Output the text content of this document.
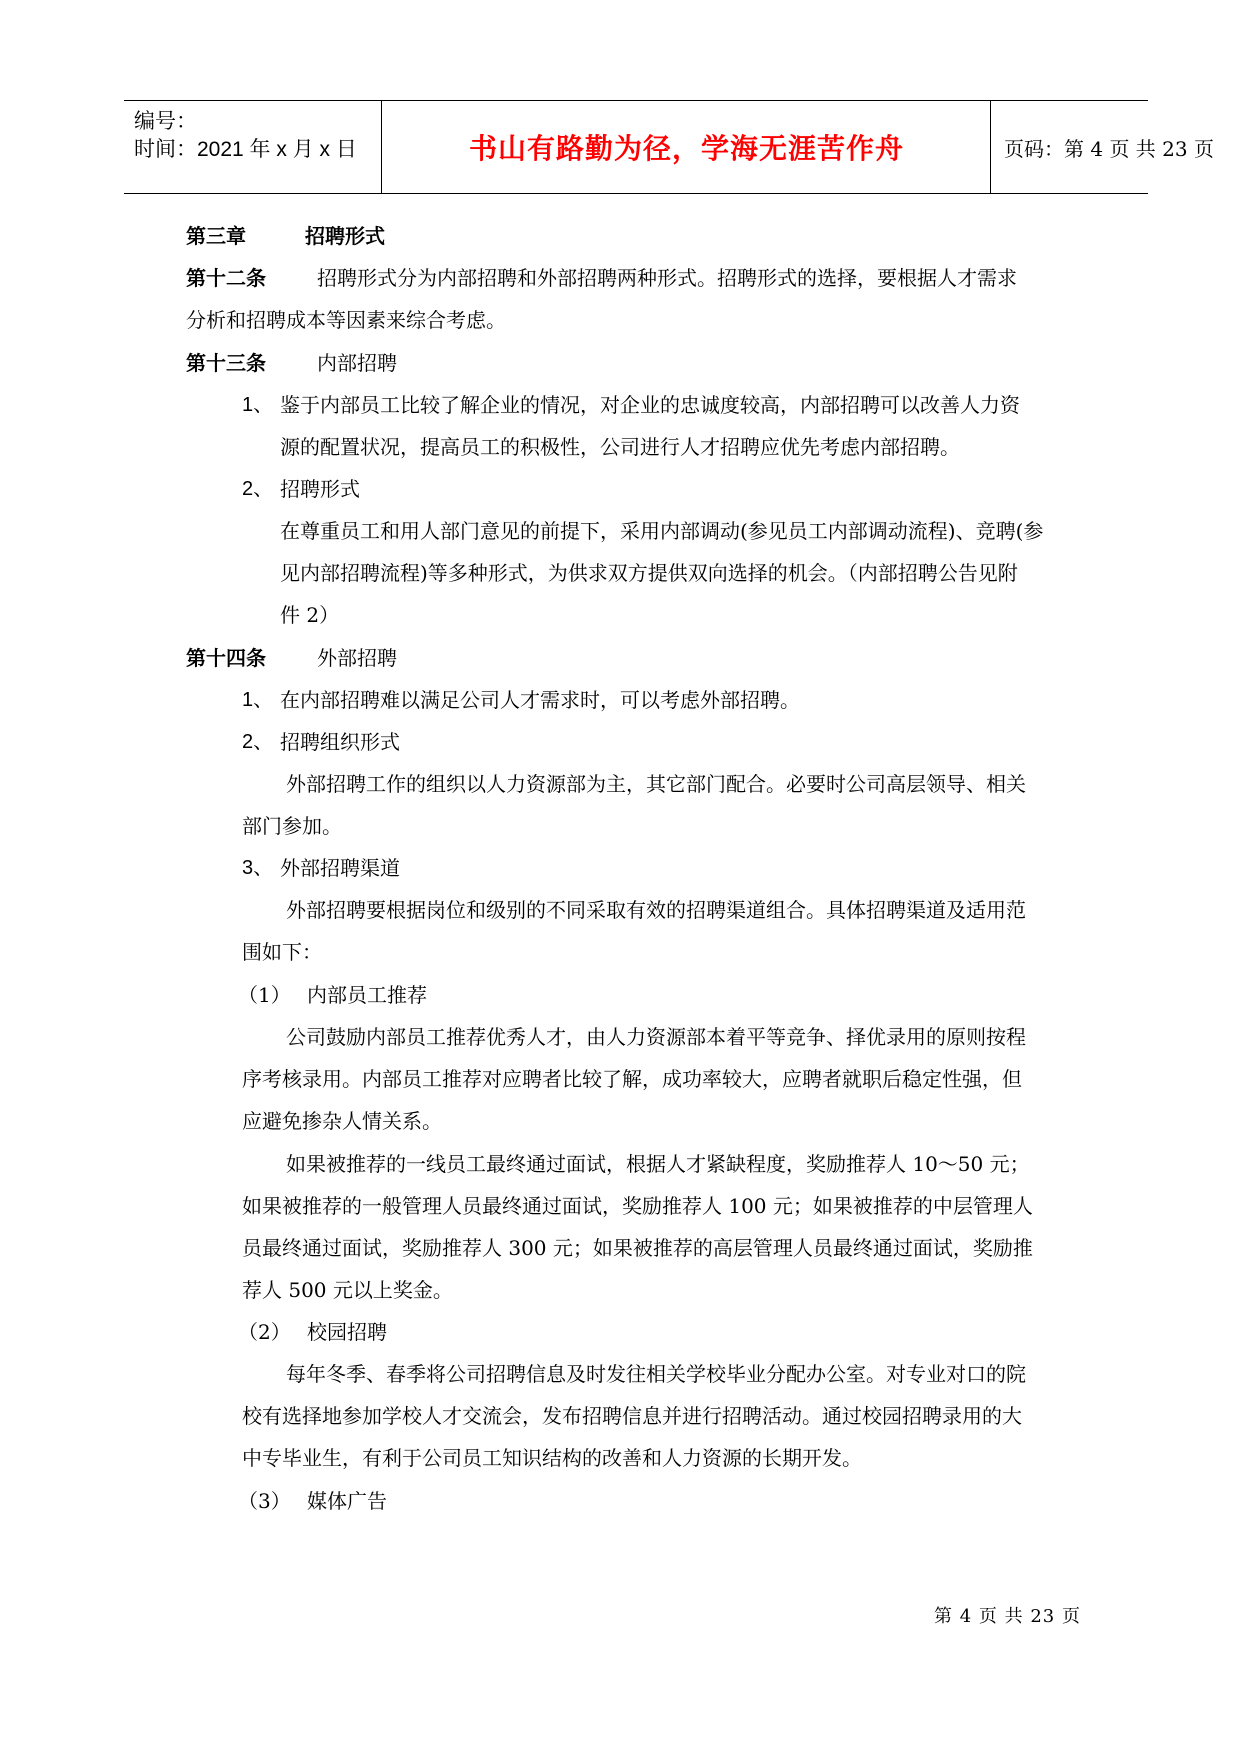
编号：
时间：2021 年 x 月 x 日	书山有路勤为径，学海无涯苦作舟	页码：第 4 页 共 23 页
第三章	招聘形式
第十二条	招聘形式分为内部招聘和外部招聘两种形式。招聘形式的选择，要根据人才需求
分析和招聘成本等因素来综合考虑。
第十三条	内部招聘
1、 鉴于内部员工比较了解企业的情况，对企业的忠诚度较高，内部招聘可以改善人力资
源的配置状况，提高员工的积极性，公司进行人才招聘应优先考虑内部招聘。
2、 招聘形式
在尊重员工和用人部门意见的前提下，采用内部调动(参见员工内部调动流程)、竞聘(参
见内部招聘流程)等多种形式，为供求双方提供双向选择的机会。（内部招聘公告见附
件 2）
第十四条	外部招聘
1、 在内部招聘难以满足公司人才需求时，可以考虑外部招聘。
2、 招聘组织形式
外部招聘工作的组织以人力资源部为主，其它部门配合。必要时公司高层领导、相关
部门参加。
3、 外部招聘渠道
外部招聘要根据岗位和级别的不同采取有效的招聘渠道组合。具体招聘渠道及适用范
围如下：
（1） 内部员工推荐
公司鼓励内部员工推荐优秀人才，由人力资源部本着平等竞争、择优录用的原则按程
序考核录用。内部员工推荐对应聘者比较了解，成功率较大，应聘者就职后稳定性强，但
应避免掺杂人情关系。
如果被推荐的一线员工最终通过面试，根据人才紧缺程度，奖励推荐人 10～50 元；
如果被推荐的一般管理人员最终通过面试，奖励推荐人 100 元；如果被推荐的中层管理人
员最终通过面试，奖励推荐人 300 元；如果被推荐的高层管理人员最终通过面试，奖励推
荐人 500 元以上奖金。
（2） 校园招聘
每年冬季、春季将公司招聘信息及时发往相关学校毕业分配办公室。对专业对口的院
校有选择地参加学校人才交流会，发布招聘信息并进行招聘活动。通过校园招聘录用的大
中专毕业生，有利于公司员工知识结构的改善和人力资源的长期开发。
（3） 媒体广告
第 4 页 共 23 页
